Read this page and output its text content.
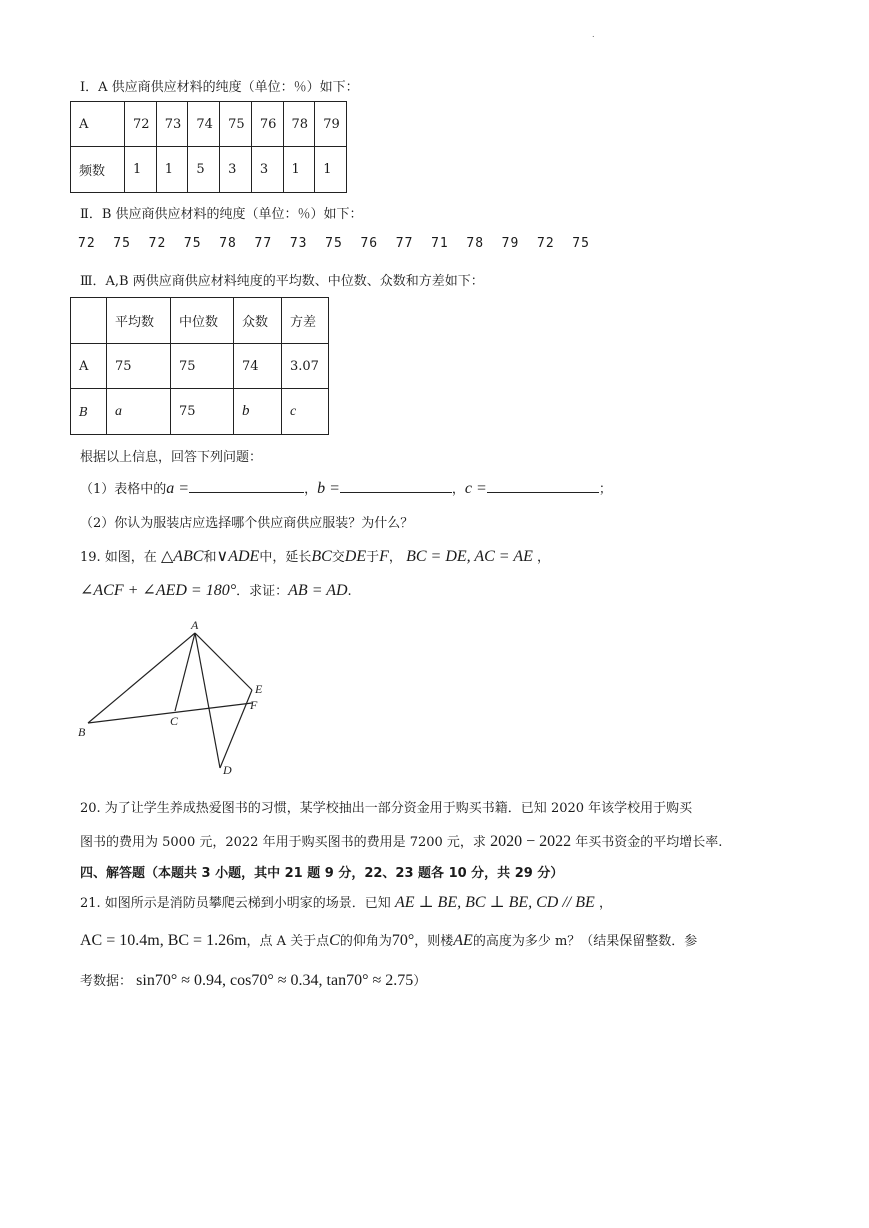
.
Ⅰ．A 供应商供应材料的纯度（单位：％）如下：
A	72	73	74	75	76	78	79
频数	1	1	5	3	3	1	1
Ⅱ．B 供应商供应材料的纯度（单位：％）如下：
72  75  72  75  78  77  73  75  76  77  71  78  79  72  75
Ⅲ．A,B 两供应商供应材料纯度的平均数、中位数、众数和方差如下：
	平均数	中位数	众数	方差
A	75	75	74	3.07
B	a	75	b	c
根据以上信息，回答下列问题：
（1）表格中的a =	，b =	，c =	；
（2）你认为服装店应选择哪个供应商供应服装？为什么？
19. 如图，在 △ABC和∨ADE中，延长BC交DE于F， BC = DE, AC = AE ，
∠ACF + ∠AED = 180°．求证：AB = AD.
A
B
C
D
E
F
20. 为了让学生养成热爱图书的习惯，某学校抽出一部分资金用于购买书籍．已知 2020 年该学校用于购买
图书的费用为 5000 元，2022 年用于购买图书的费用是 7200 元，求 2020 − 2022 年买书资金的平均增长率.
四、解答题（本题共 3 小题，其中 21 题 9 分，22、23 题各 10 分，共 29 分）
21. 如图所示是消防员攀爬云梯到小明家的场景．已知 AE ⊥ BE, BC ⊥ BE, CD // BE ，
AC = 10.4m, BC = 1.26m，点 A 关于点C的仰角为70°，则楼AE的高度为多少 m？（结果保留整数．参
考数据： sin70° ≈ 0.94, cos70° ≈ 0.34, tan70° ≈ 2.75）
